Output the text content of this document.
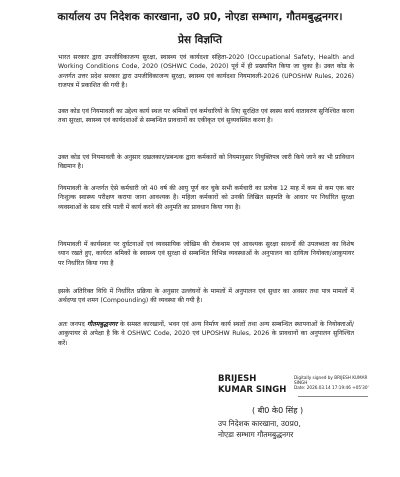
कार्यालय उप निदेशक कारखाना, उ0 प्र0, नोएडा सम्भाग, गौतमबुद्धनगर।
प्रेस विज्ञप्ति

भारत सरकार द्वारा उपजीविकाजन्य सुरक्षा, स्वास्थ्य एवं कार्यदशा संहिता-2020 (Occupational Safety, Health and Working Conditions Code, 2020 (OSHWC Code, 2020) पूर्व में ही प्रख्यापित किया जा चुका है। उक्त कोड के अन्तर्गत उत्तर प्रदेश सरकार द्वारा उपजीविकाजन्य सुरक्षा, स्वास्थ्य एवं कार्यदशा नियमावली-2026 (UPOSHW Rules, 2026) राजपत्र में प्रकाशित की गयी है।

उक्त कोड एवं नियमावली का उद्देश्य कार्य स्थल पर श्रमिकों एवं कर्मचारियों के लिए सुरक्षित एवं स्वस्थ कार्य वातावरण सुनिश्चित करना तथा सुरक्षा, स्वास्थ्य एवं कार्यदशाओं से सम्बन्धित प्रावधानों का एकीकृत एवं सुव्यवस्थित करना है।

उक्त कोड एवं नियमावली के अनुसार दखलकार/प्रबन्धक द्वारा कर्मकारों को नियमानुसार नियुक्तिपत्र जारी किये जाने का भी प्राविधान विद्यमान है।

नियमावली के अन्तर्गत ऐसे कर्मचारी जो 40 वर्ष की आयु पूर्ण कर चुके सभी कर्मचारी का प्रत्येक 12 माह में कम से कम एक बार निःशुल्क स्वास्थ्य परीक्षण कराया जाना आवश्यक है। महिला कर्मकारों को उनकी लिखित सहमति के आधार पर निर्धारित सुरक्षा व्यवस्थाओं के साथ रात्रि पाली में कार्य करने की अनुमति का प्रावधान किया गया है।

नियमावली में कार्यस्थल पर दुर्घटनाओं एवं व्यवसायिक जोखिम की रोकथाम एवं आवश्यक सुरक्षा साधनों की उपलब्धता का विशेष ध्यान रखते हुए, कार्यरत श्रमिकों के स्वास्थ्य एवं सुरक्षा से सम्बन्धित विभिन्न व्यवस्थाओं के अनुपालन का दायित्व नियोक्ता/आकुपायर पर निर्धारित किया गया है

इसके अतिरिक्त विधि में निर्धारित प्रक्रिया के अनुसार उल्लंघनों के मामलों में अनुपालन एवं सुधार का अवसर तथा पात्र मामलों में अर्थदण्ड एवं शमन (Compounding) की व्यवस्था की गयी है।

अतः जनपद गौतमबुद्धनगर के समस्त कारखानों, भवन एवं अन्य निर्माण कार्य स्थलों तथा अन्य सम्बन्धित स्थापनाओं के नियोक्ताओं/आकुपायर से अपेक्षा है कि वे OSHWC Code, 2020 एवं UPOSHW Rules, 2026 के प्रावधानों का अनुपालन सुनिश्चित करें।

BRIJESH KUMAR SINGH
Digitally signed by BRIJESH KUMAR SINGH
Date: 2026.03.14 17:19:46 +05'30'
( बी0 के0 सिंह )
उप निदेशक कारखाना, उ0प्र0,
नोएडा सम्भाग गौतमबुद्धनगर
